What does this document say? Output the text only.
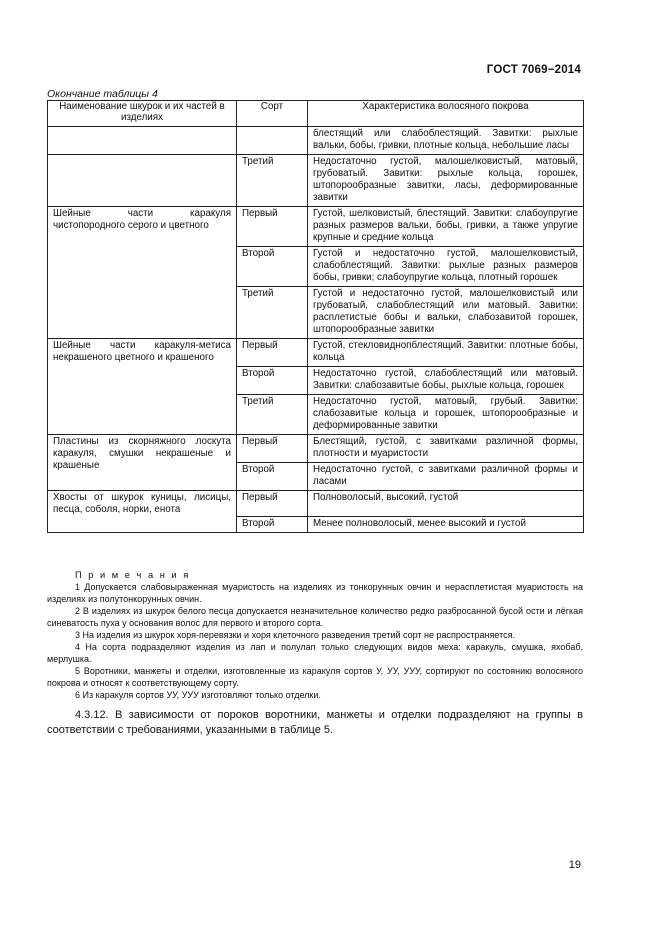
ГОСТ 7069−2014
Окончание таблицы 4
Наименование шкурок и их частей в изделиях	Сорт	Характеристика волосяного покрова
		блестящий или слабоблестящий. Завитки: рыхлые вальки, бобы, гривки, плотные кольца, небольшие ласы
	Третий	Недостаточно густой, малошелковистый, матовый, грубоватый. Завитки: рыхлые кольца, горошек, штопорообразные завитки, ласы, деформированные завитки
Шейные части каракуля чистопородного серого и цветного	Первый	Густой, шелковистый, блестящий. Завитки: слабоупругие разных размеров вальки, бобы, гривки, а также упругие крупные и средние кольца
	Второй	Густой и недостаточно густой, малошелковистый, слабоблестящий. Завитки: рыхлые разных размеров бобы, гривки; слабоупругие кольца, плотный горошек
	Третий	Густой и недостаточно густой, малошелковистый или грубоватый, слабоблестящий или матовый. Завитки: расплетистые бобы и вальки, слабозавитой горошек, штопорообразные завитки
Шейные части каракуля-метиса некрашеного цветного и крашеного	Первый	Густой, стекловиднопблестящий. Завитки: плотные бобы, кольца
	Второй	Недостаточно густой, слабоблестящий или матовый. Завитки: слабозавитые бобы, рыхлые кольца, горошек
	Третий	Недостаточно густой, матовый, грубый. Завитки: слабозавитые кольца и горошек, штопорообразные и деформированные завитки
Пластины из скорняжного лоскута каракуля, смушки некрашеные и крашеные	Первый	Блестящий, густой, с завитками различной формы, плотности и муаристости
	Второй	Недостаточно густой, с завитками различной формы и ласами
Хвосты от шкурок куницы, лисицы, песца, соболя, норки, енота	Первый	Полноволосый, высокий, густой
	Второй	Менее полноволосый, менее высокий и густой
П р и м е ч а н и я
1 Допускается слабовыраженная муаристость на изделиях из тонкорунных овчин и нерасплетистая муаристость на изделиях из полутонкорунных овчин.
2 В изделиях из шкурок белого песца допускается незначительное количество редко разбросанной бусой ости и лёгкая синеватость пуха у основания волос для первого и второго сорта.
3 На изделия из шкурок хоря-перевязки и хоря клеточного разведения третий сорт не распространяется.
4 На сорта подразделяют изделия из лап и полулап только следующих видов меха: каракуль, смушка, яхобаб, мерлушка.
5 Воротники, манжеты и отделки, изготовленные из каракуля сортов У, УУ, УУУ, сортируют по состоянию волосяного покрова и относят к соответствующему сорту.
6 Из каракуля сортов УУ, УУУ изготовляют только отделки.
4.3.12. В зависимости от пороков воротники, манжеты и отделки подразделяют на группы в соответствии с требованиями, указанными в таблице 5.
19
